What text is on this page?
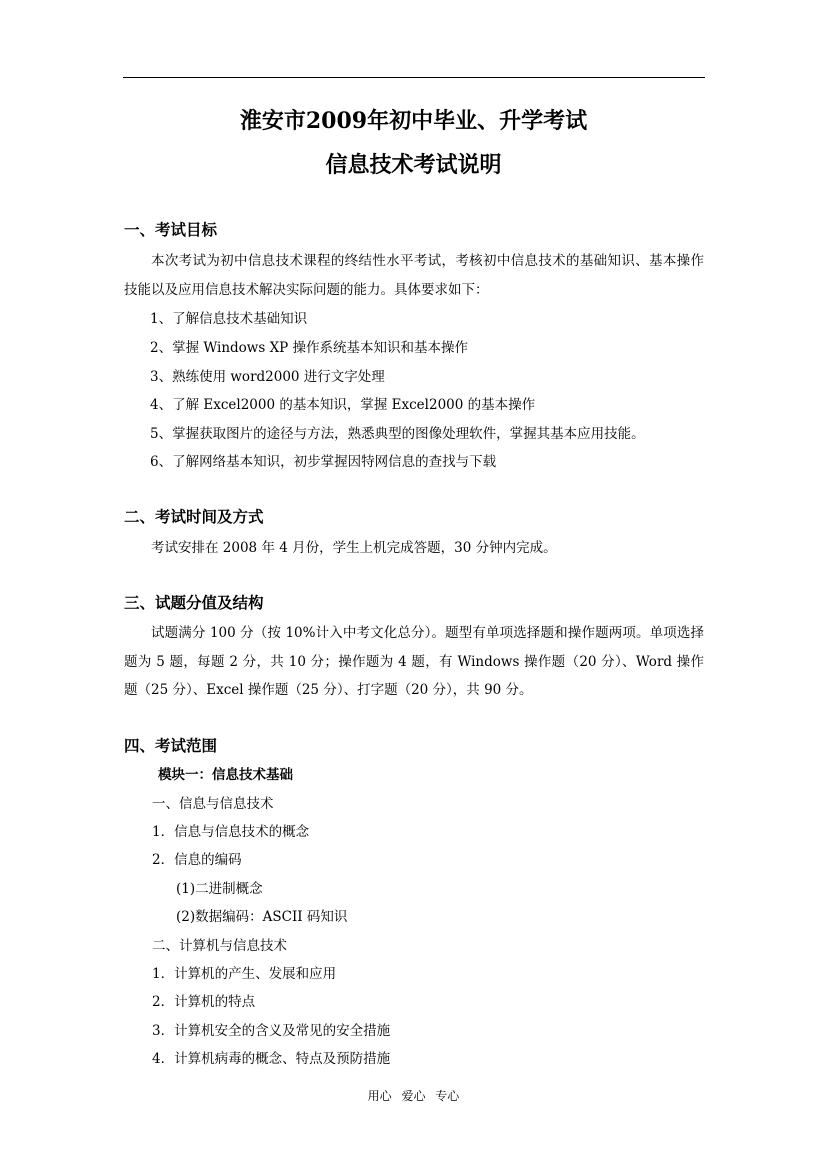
淮安市2009年初中毕业、升学考试
信息技术考试说明
一、考试目标
本次考试为初中信息技术课程的终结性水平考试，考核初中信息技术的基础知识、基本操作技能以及应用信息技术解决实际问题的能力。具体要求如下：
1、了解信息技术基础知识
2、掌握 Windows XP 操作系统基本知识和基本操作
3、熟练使用 word2000 进行文字处理
4、了解 Excel2000 的基本知识，掌握 Excel2000 的基本操作
5、掌握获取图片的途径与方法，熟悉典型的图像处理软件，掌握其基本应用技能。
6、了解网络基本知识，初步掌握因特网信息的查找与下载
二、考试时间及方式
考试安排在 2008 年 4 月份，学生上机完成答题，30 分钟内完成。
三、试题分值及结构
试题满分 100 分（按 10%计入中考文化总分）。题型有单项选择题和操作题两项。单项选择题为 5 题，每题 2 分，共 10 分；操作题为 4 题，有 Windows 操作题（20 分）、Word 操作题（25 分）、Excel 操作题（25 分）、打字题（20 分），共 90 分。
四、考试范围
模块一：信息技术基础
一、信息与信息技术
1．信息与信息技术的概念
2．信息的编码
(1)二进制概念
(2)数据编码：ASCII 码知识
二、计算机与信息技术
1．计算机的产生、发展和应用
2．计算机的特点
3．计算机安全的含义及常见的安全措施
4．计算机病毒的概念、特点及预防措施
用心 爱心 专心
